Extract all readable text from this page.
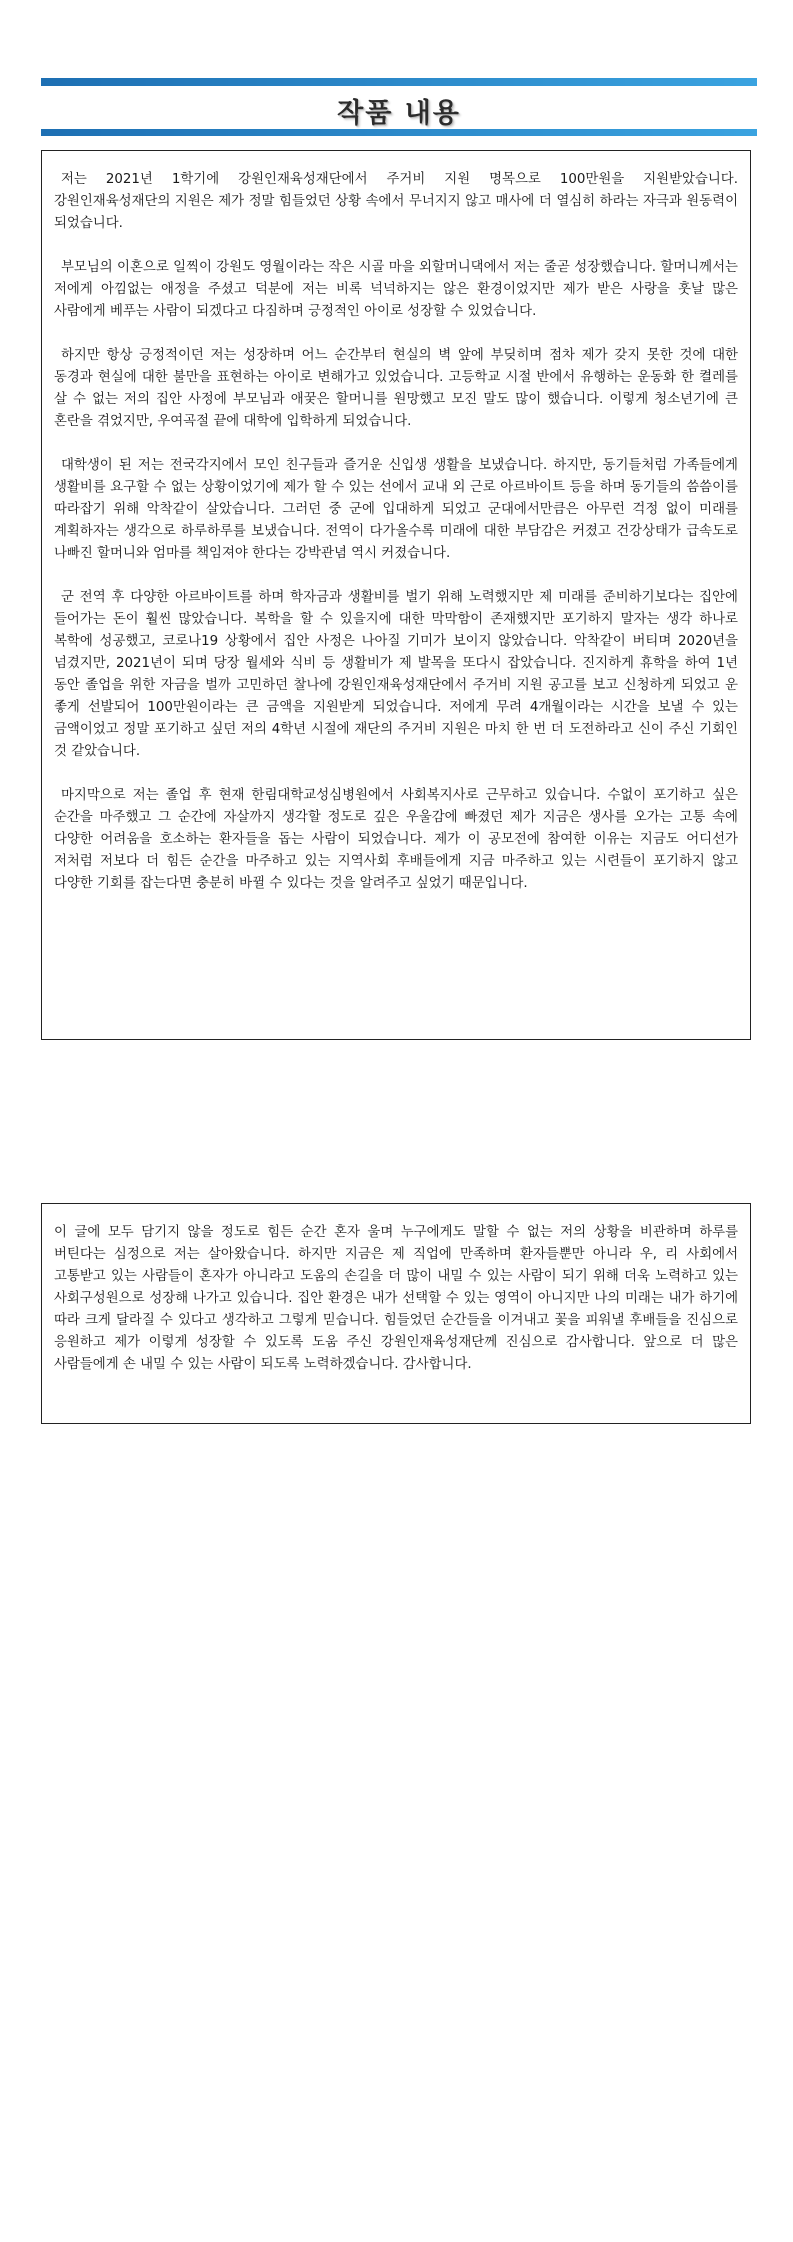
작품 내용

저는 2021년 1학기에 강원인재육성재단에서 주거비 지원 명목으로 100만원을 지원받았습니다. 강원인재육성재단의 지원은 제가 정말 힘들었던 상황 속에서 무너지지 않고 매사에 더 열심히 하라는 자극과 원동력이 되었습니다.

부모님의 이혼으로 일찍이 강원도 영월이라는 작은 시골 마을 외할머니댁에서 저는 줄곧 성장했습니다. 할머니께서는 저에게 아낌없는 애정을 주셨고 덕분에 저는 비록 넉넉하지는 않은 환경이었지만 제가 받은 사랑을 훗날 많은 사람에게 베푸는 사람이 되겠다고 다짐하며 긍정적인 아이로 성장할 수 있었습니다.

하지만 항상 긍정적이던 저는 성장하며 어느 순간부터 현실의 벽 앞에 부딪히며 점차 제가 갖지 못한 것에 대한 동경과 현실에 대한 불만을 표현하는 아이로 변해가고 있었습니다. 고등학교 시절 반에서 유행하는 운동화 한 켤레를 살 수 없는 저의 집안 사정에 부모님과 애꿎은 할머니를 원망했고 모진 말도 많이 했습니다. 이렇게 청소년기에 큰 혼란을 겪었지만, 우여곡절 끝에 대학에 입학하게 되었습니다.

대학생이 된 저는 전국각지에서 모인 친구들과 즐거운 신입생 생활을 보냈습니다. 하지만, 동기들처럼 가족들에게 생활비를 요구할 수 없는 상황이었기에 제가 할 수 있는 선에서 교내 외 근로 아르바이트 등을 하며 동기들의 씀씀이를 따라잡기 위해 악착같이 살았습니다. 그러던 중 군에 입대하게 되었고 군대에서만큼은 아무런 걱정 없이 미래를 계획하자는 생각으로 하루하루를 보냈습니다. 전역이 다가올수록 미래에 대한 부담감은 커졌고 건강상태가 급속도로 나빠진 할머니와 엄마를 책임져야 한다는 강박관념 역시 커졌습니다.

군 전역 후 다양한 아르바이트를 하며 학자금과 생활비를 벌기 위해 노력했지만 제 미래를 준비하기보다는 집안에 들어가는 돈이 훨씬 많았습니다. 복학을 할 수 있을지에 대한 막막함이 존재했지만 포기하지 말자는 생각 하나로 복학에 성공했고, 코로나19 상황에서 집안 사정은 나아질 기미가 보이지 않았습니다. 악착같이 버티며 2020년을 넘겼지만, 2021년이 되며 당장 월세와 식비 등 생활비가 제 발목을 또다시 잡았습니다. 진지하게 휴학을 하여 1년 동안 졸업을 위한 자금을 벌까 고민하던 찰나에 강원인재육성재단에서 주거비 지원 공고를 보고 신청하게 되었고 운 좋게 선발되어 100만원이라는 큰 금액을 지원받게 되었습니다. 저에게 무려 4개월이라는 시간을 보낼 수 있는 금액이었고 정말 포기하고 싶던 저의 4학년 시절에 재단의 주거비 지원은 마치 한 번 더 도전하라고 신이 주신 기회인 것 같았습니다.

마지막으로 저는 졸업 후 현재 한림대학교성심병원에서 사회복지사로 근무하고 있습니다. 수없이 포기하고 싶은 순간을 마주했고 그 순간에 자살까지 생각할 정도로 깊은 우울감에 빠졌던 제가 지금은 생사를 오가는 고통 속에 다양한 어려움을 호소하는 환자들을 돕는 사람이 되었습니다. 제가 이 공모전에 참여한 이유는 지금도 어디선가 저처럼 저보다 더 힘든 순간을 마주하고 있는 지역사회 후배들에게 지금 마주하고 있는 시련들이 포기하지 않고 다양한 기회를 잡는다면 충분히 바뀔 수 있다는 것을 알려주고 싶었기 때문입니다.

이 글에 모두 담기지 않을 정도로 힘든 순간 혼자 울며 누구에게도 말할 수 없는 저의 상황을 비관하며 하루를 버틴다는 심정으로 저는 살아왔습니다. 하지만 지금은 제 직업에 만족하며 환자들뿐만 아니라 우, 리 사회에서 고통받고 있는 사람들이 혼자가 아니라고 도움의 손길을 더 많이 내밀 수 있는 사람이 되기 위해 더욱 노력하고 있는 사회구성원으로 성장해 나가고 있습니다. 집안 환경은 내가 선택할 수 있는 영역이 아니지만 나의 미래는 내가 하기에 따라 크게 달라질 수 있다고 생각하고 그렇게 믿습니다. 힘들었던 순간들을 이겨내고 꽃을 피워낼 후배들을 진심으로 응원하고 제가 이렇게 성장할 수 있도록 도움 주신 강원인재육성재단께 진심으로 감사합니다. 앞으로 더 많은 사람들에게 손 내밀 수 있는 사람이 되도록 노력하겠습니다. 감사합니다.
